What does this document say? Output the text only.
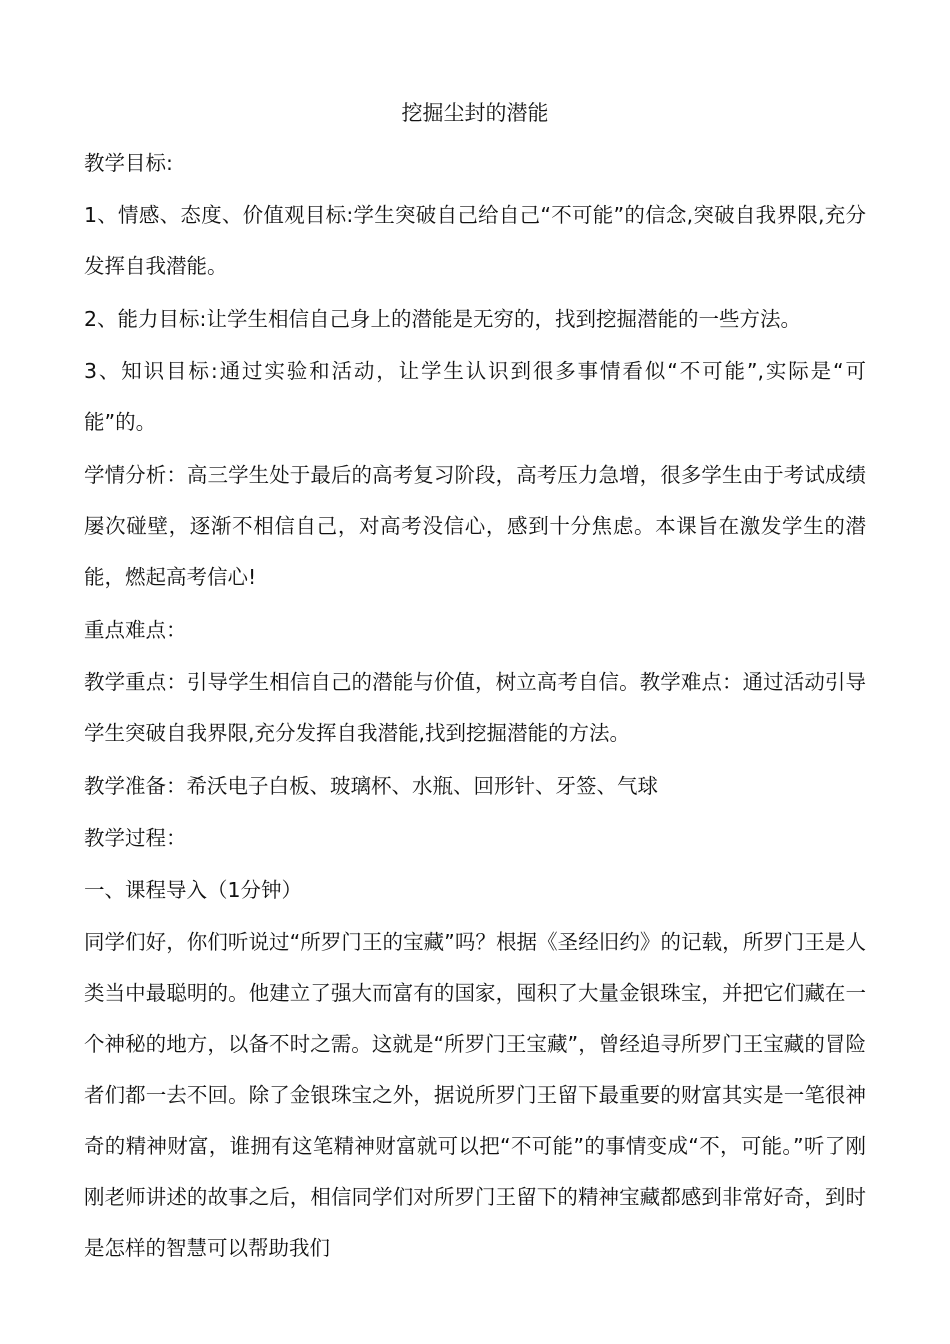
挖掘尘封的潜能

教学目标:

1、情感、态度、价值观目标:学生突破自己给自己“不可能”的信念,突破自我界限,充分发挥自我潜能。

2、能力目标:让学生相信自己身上的潜能是无穷的，找到挖掘潜能的一些方法。

3、知识目标:通过实验和活动，让学生认识到很多事情看似“不可能”,实际是“可能”的。

学情分析：高三学生处于最后的高考复习阶段，高考压力急增，很多学生由于考试成绩屡次碰壁，逐渐不相信自己，对高考没信心，感到十分焦虑。本课旨在激发学生的潜能，燃起高考信心!

重点难点：

教学重点：引导学生相信自己的潜能与价值，树立高考自信。教学难点：通过活动引导学生突破自我界限,充分发挥自我潜能,找到挖掘潜能的方法。

教学准备：希沃电子白板、玻璃杯、水瓶、回形针、牙签、气球

教学过程：

一、课程导入（1分钟）

同学们好，你们听说过“所罗门王的宝藏”吗？根据《圣经旧约》的记载，所罗门王是人类当中最聪明的。他建立了强大而富有的国家，囤积了大量金银珠宝，并把它们藏在一个神秘的地方，以备不时之需。这就是“所罗门王宝藏”，曾经追寻所罗门王宝藏的冒险者们都一去不回。除了金银珠宝之外，据说所罗门王留下最重要的财富其实是一笔很神奇的精神财富，谁拥有这笔精神财富就可以把“不可能”的事情变成“不，可能。”听了刚刚老师讲述的故事之后，相信同学们对所罗门王留下的精神宝藏都感到非常好奇，到时是怎样的智慧可以帮助我们
